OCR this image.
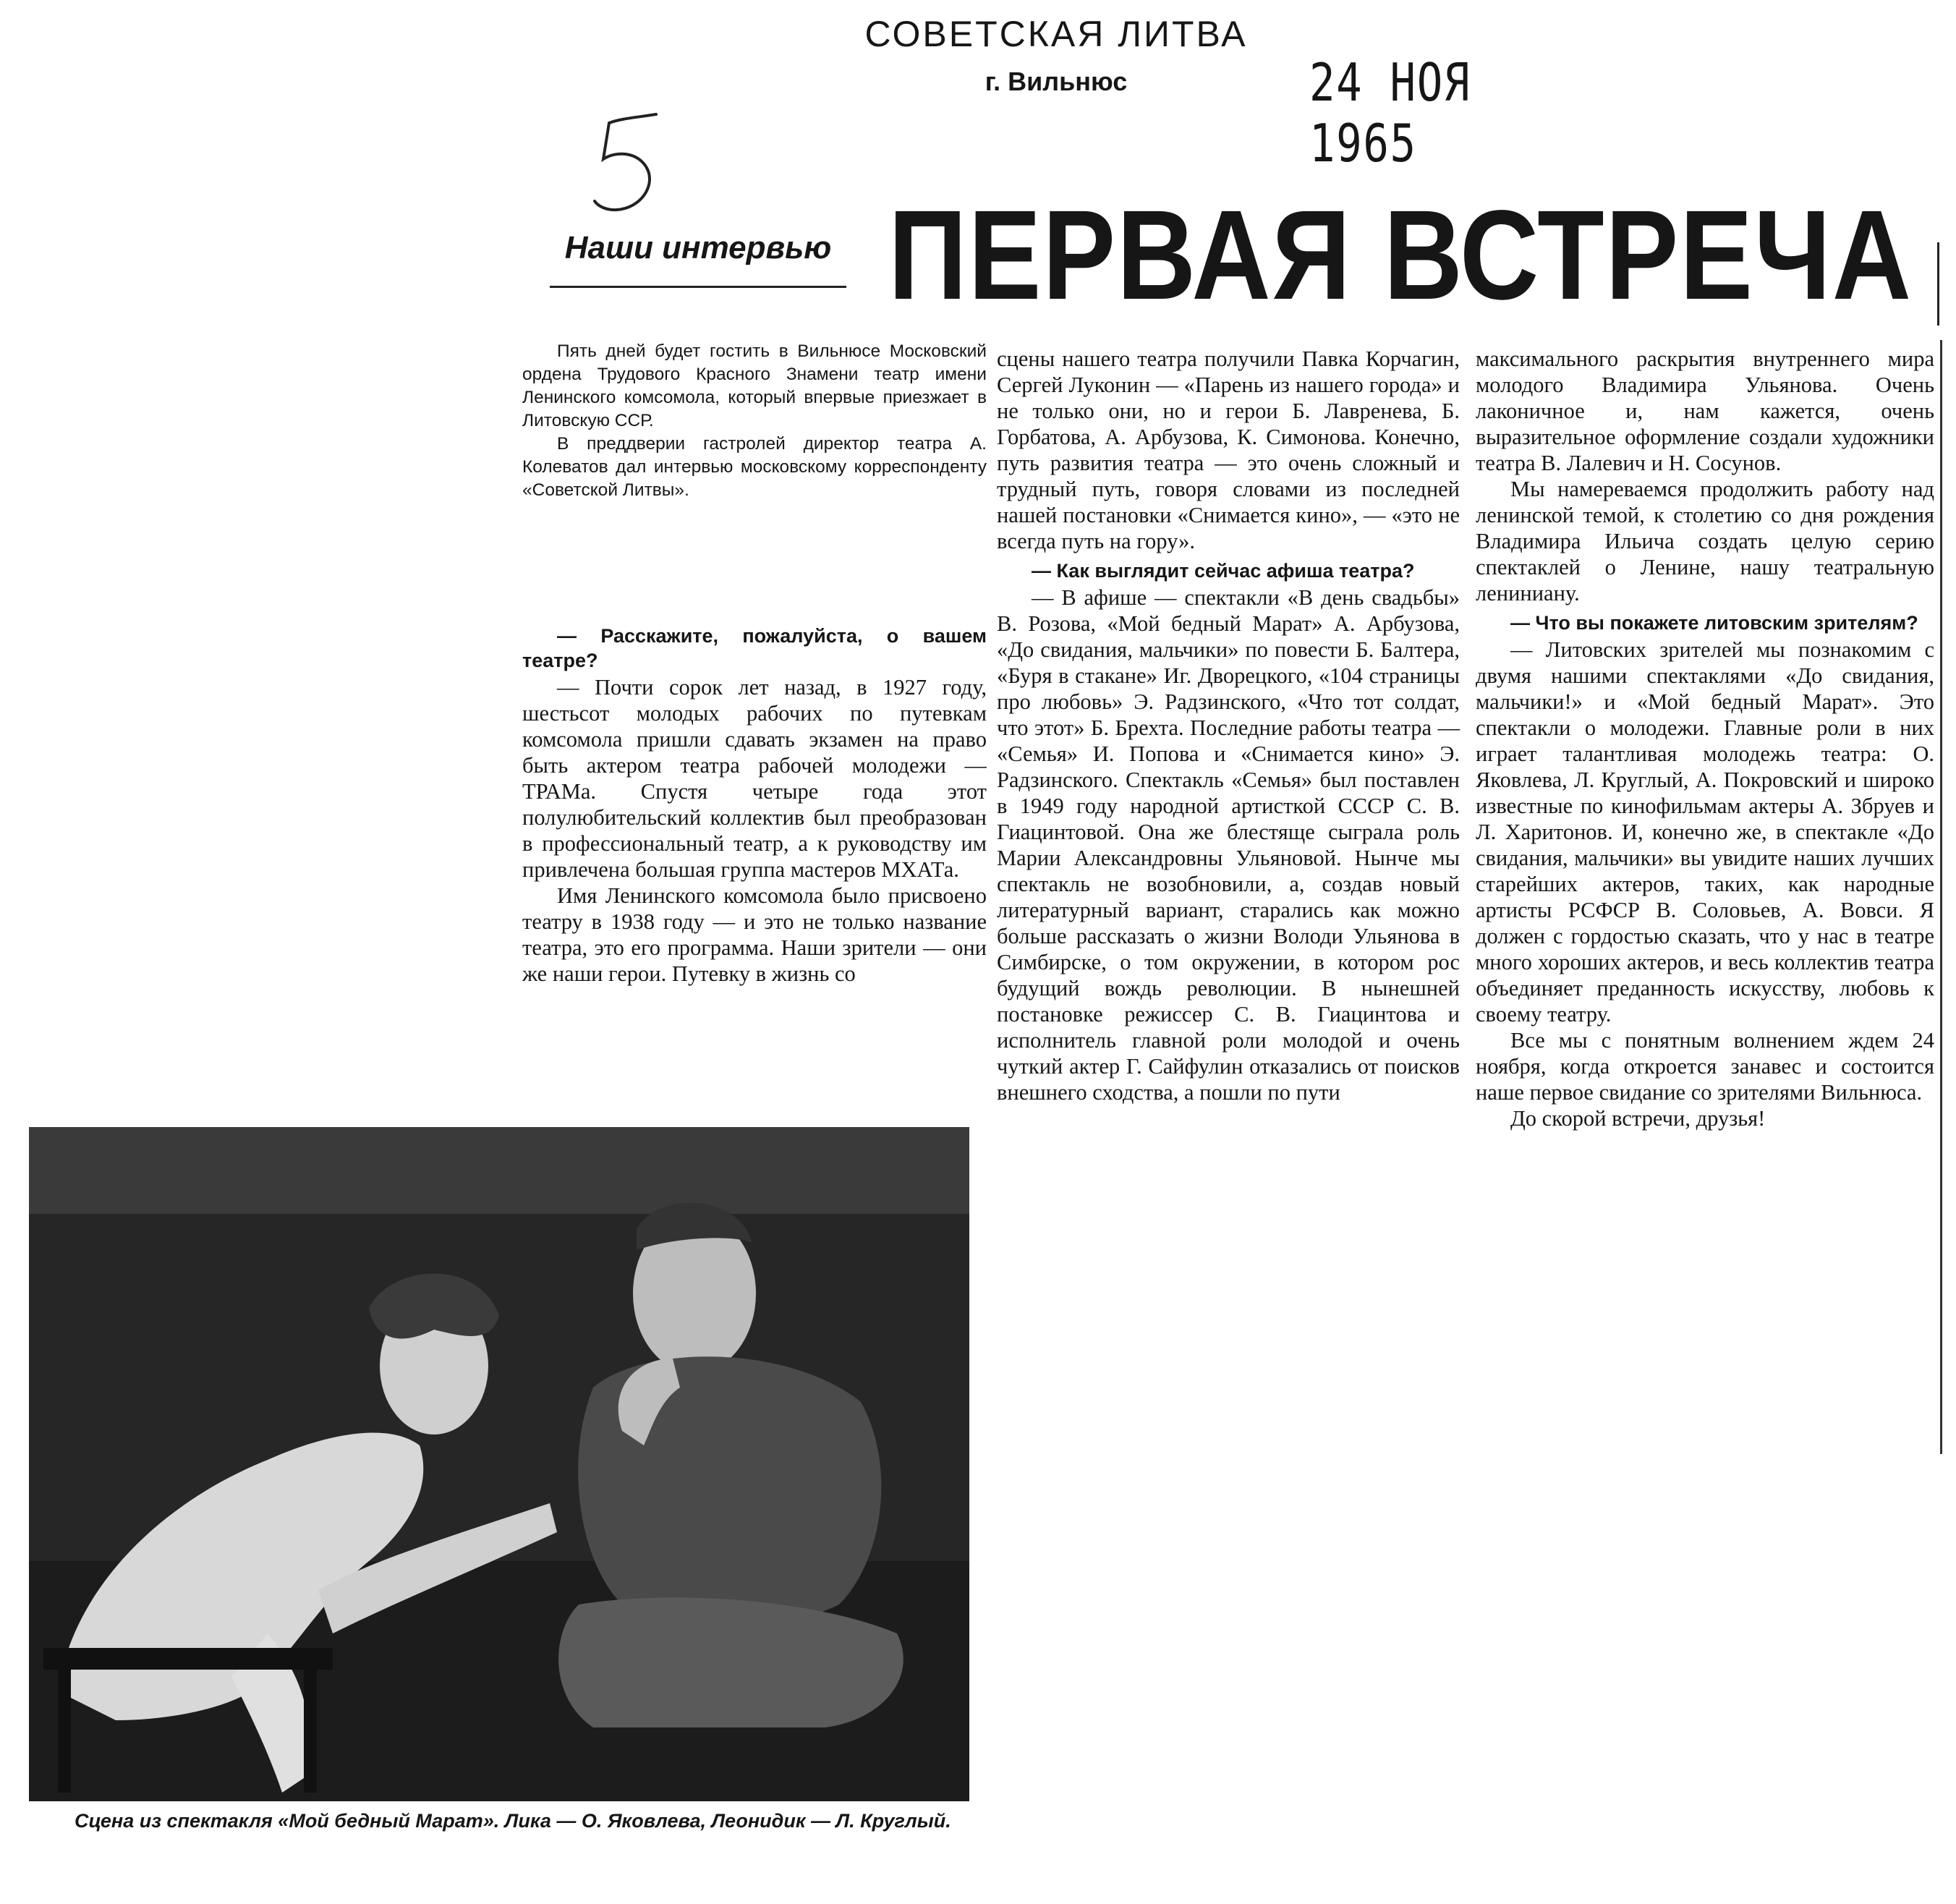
СОВЕТСКАЯ ЛИТВА
г. Вильнюс	24 НОЯ 1965
Наши интервью ПЕРВАЯ ВСТРЕЧА

Пять дней будет гостить в Вильнюсе Московский ордена Трудового Красного Знамени театр имени Ленинского комсомола, который впервые приезжает в Литовскую ССР.

В преддверии гастролей директор театра А. Колеватов дал интервью московскому корреспонденту «Советской Литвы».

— Расскажите, пожалуйста, о вашем театре?

— Почти сорок лет назад, в 1927 году, шестьсот молодых рабочих по путевкам комсомола пришли сдавать экзамен на право быть актером театра рабочей молодежи — ТРАМа. Спустя четыре года этот полулюбительский коллектив был преобразован в профессиональный театр, а к руководству им привлечена большая группа мастеров МХАТа.

Имя Ленинского комсомола было присвоено театру в 1938 году — и это не только название театра, это его программа. Наши зрители — они же наши герои. Путевку в жизнь со

сцены нашего театра получили Павка Корчагин, Сергей Луконин — «Парень из нашего города» и не только они, но и герои Б. Лавренева, Б. Горбатова, А. Арбузова, К. Симонова. Конечно, путь развития театра — это очень сложный и трудный путь, говоря словами из последней нашей постановки «Снимается кино», — «это не всегда путь на гору».

— Как выглядит сейчас афиша театра?

— В афише — спектакли «В день свадьбы» В. Розова, «Мой бедный Марат» А. Арбузова, «До свидания, мальчики» по повести Б. Балтера, «Буря в стакане» Иг. Дворецкого, «104 страницы про любовь» Э. Радзинского, «Что тот солдат, что этот» Б. Брехта. Последние работы театра — «Семья» И. Попова и «Снимается кино» Э. Радзинского. Спектакль «Семья» был поставлен в 1949 году народной артисткой СССР С. В. Гиацинтовой. Она же блестяще сыграла роль Марии Александровны Ульяновой. Нынче мы спектакль не возобновили, а, создав новый литературный вариант, старались как можно больше рассказать о жизни Володи Ульянова в Симбирске, о том окружении, в котором рос будущий вождь революции. В нынешней постановке режиссер С. В. Гиацинтова и исполнитель главной роли молодой и очень чуткий актер Г. Сайфулин отказались от поисков внешнего сходства, а пошли по пути

максимального раскрытия внутреннего мира молодого Владимира Ульянова. Очень лаконичное и, нам кажется, очень выразительное оформление создали художники театра В. Лалевич и Н. Сосунов.

Мы намереваемся продолжить работу над ленинской темой, к столетию со дня рождения Владимира Ильича создать целую серию спектаклей о Ленине, нашу театральную лениниану.

— Что вы покажете литовским зрителям?

— Литовских зрителей мы познакомим с двумя нашими спектаклями «До свидания, мальчики!» и «Мой бедный Марат». Это спектакли о молодежи. Главные роли в них играет талантливая молодежь театра: О. Яковлева, Л. Круглый, А. Покровский и широко известные по кинофильмам актеры А. Збруев и Л. Харитонов. И, конечно же, в спектакле «До свидания, мальчики» вы увидите наших лучших старейших актеров, таких, как народные артисты РСФСР В. Соловьев, А. Вовси. Я должен с гордостью сказать, что у нас в театре много хороших актеров, и весь коллектив театра объединяет преданность искусству, любовь к своему театру.

Все мы с понятным волнением ждем 24 ноября, когда откроется занавес и состоится наше первое свидание со зрителями Вильнюса.

До скорой встречи, друзья!

Сцена из спектакля «Мой бедный Марат». Лика — О. Яковлева, Леонидик — Л. Круглый.
